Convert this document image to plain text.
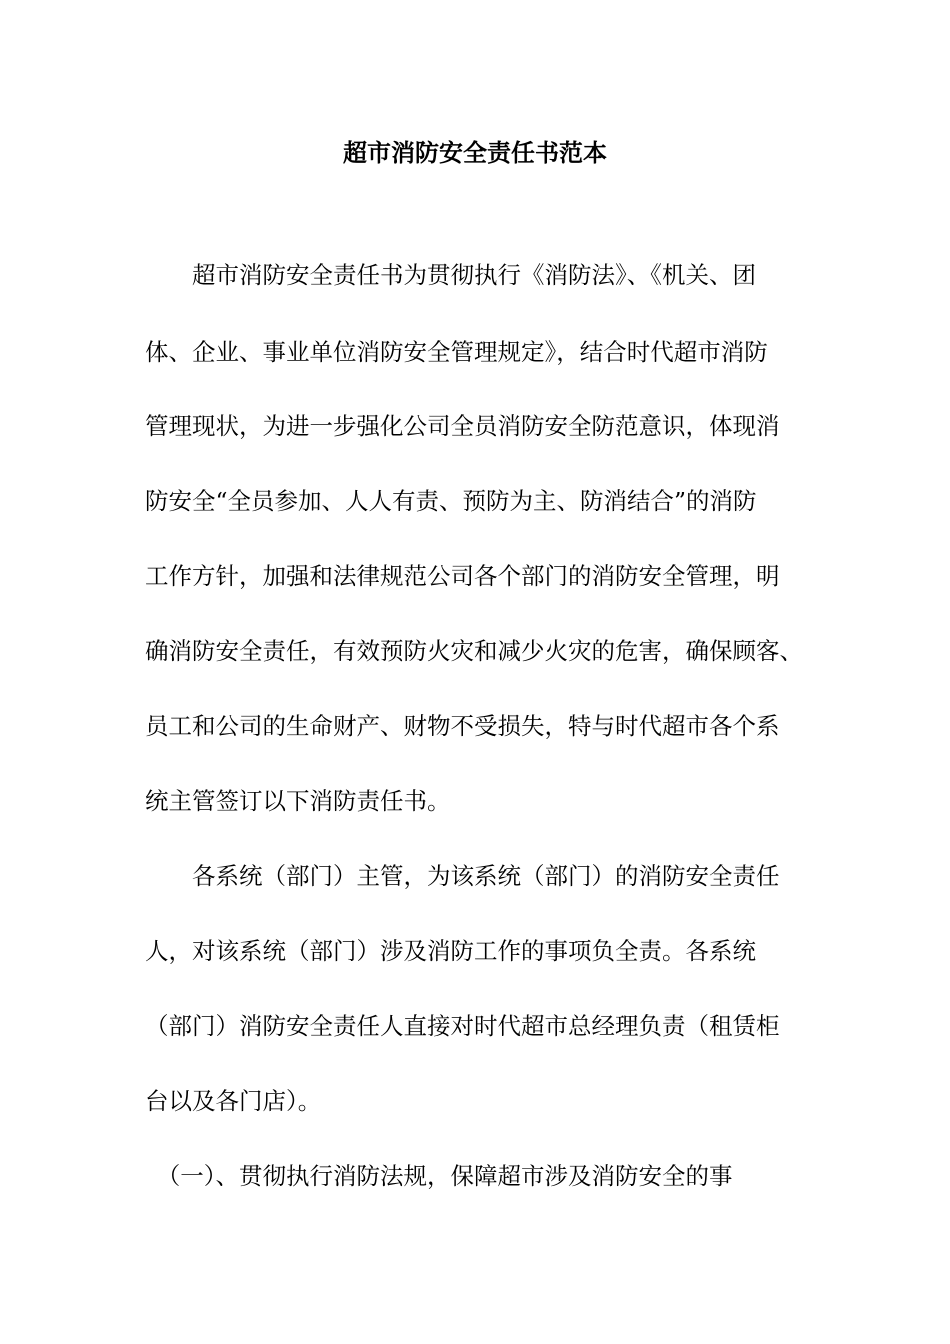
超市消防安全责任书范本
　　超市消防安全责任书为贯彻执行《消防法》、《机关、团
体、企业、事业单位消防安全管理规定》，结合时代超市消防
管理现状，为进一步强化公司全员消防安全防范意识，体现消
防安全“全员参加、人人有责、预防为主、防消结合”的消防
工作方针，加强和法律规范公司各个部门的消防安全管理，明
确消防安全责任，有效预防火灾和减少火灾的危害，确保顾客、
员工和公司的生命财产、财物不受损失，特与时代超市各个系
统主管签订以下消防责任书。
　　各系统（部门）主管，为该系统（部门）的消防安全责任
人，对该系统（部门）涉及消防工作的事项负全责。各系统
（部门）消防安全责任人直接对时代超市总经理负责（租赁柜
台以及各门店）。
　（一）、贯彻执行消防法规，保障超市涉及消防安全的事
